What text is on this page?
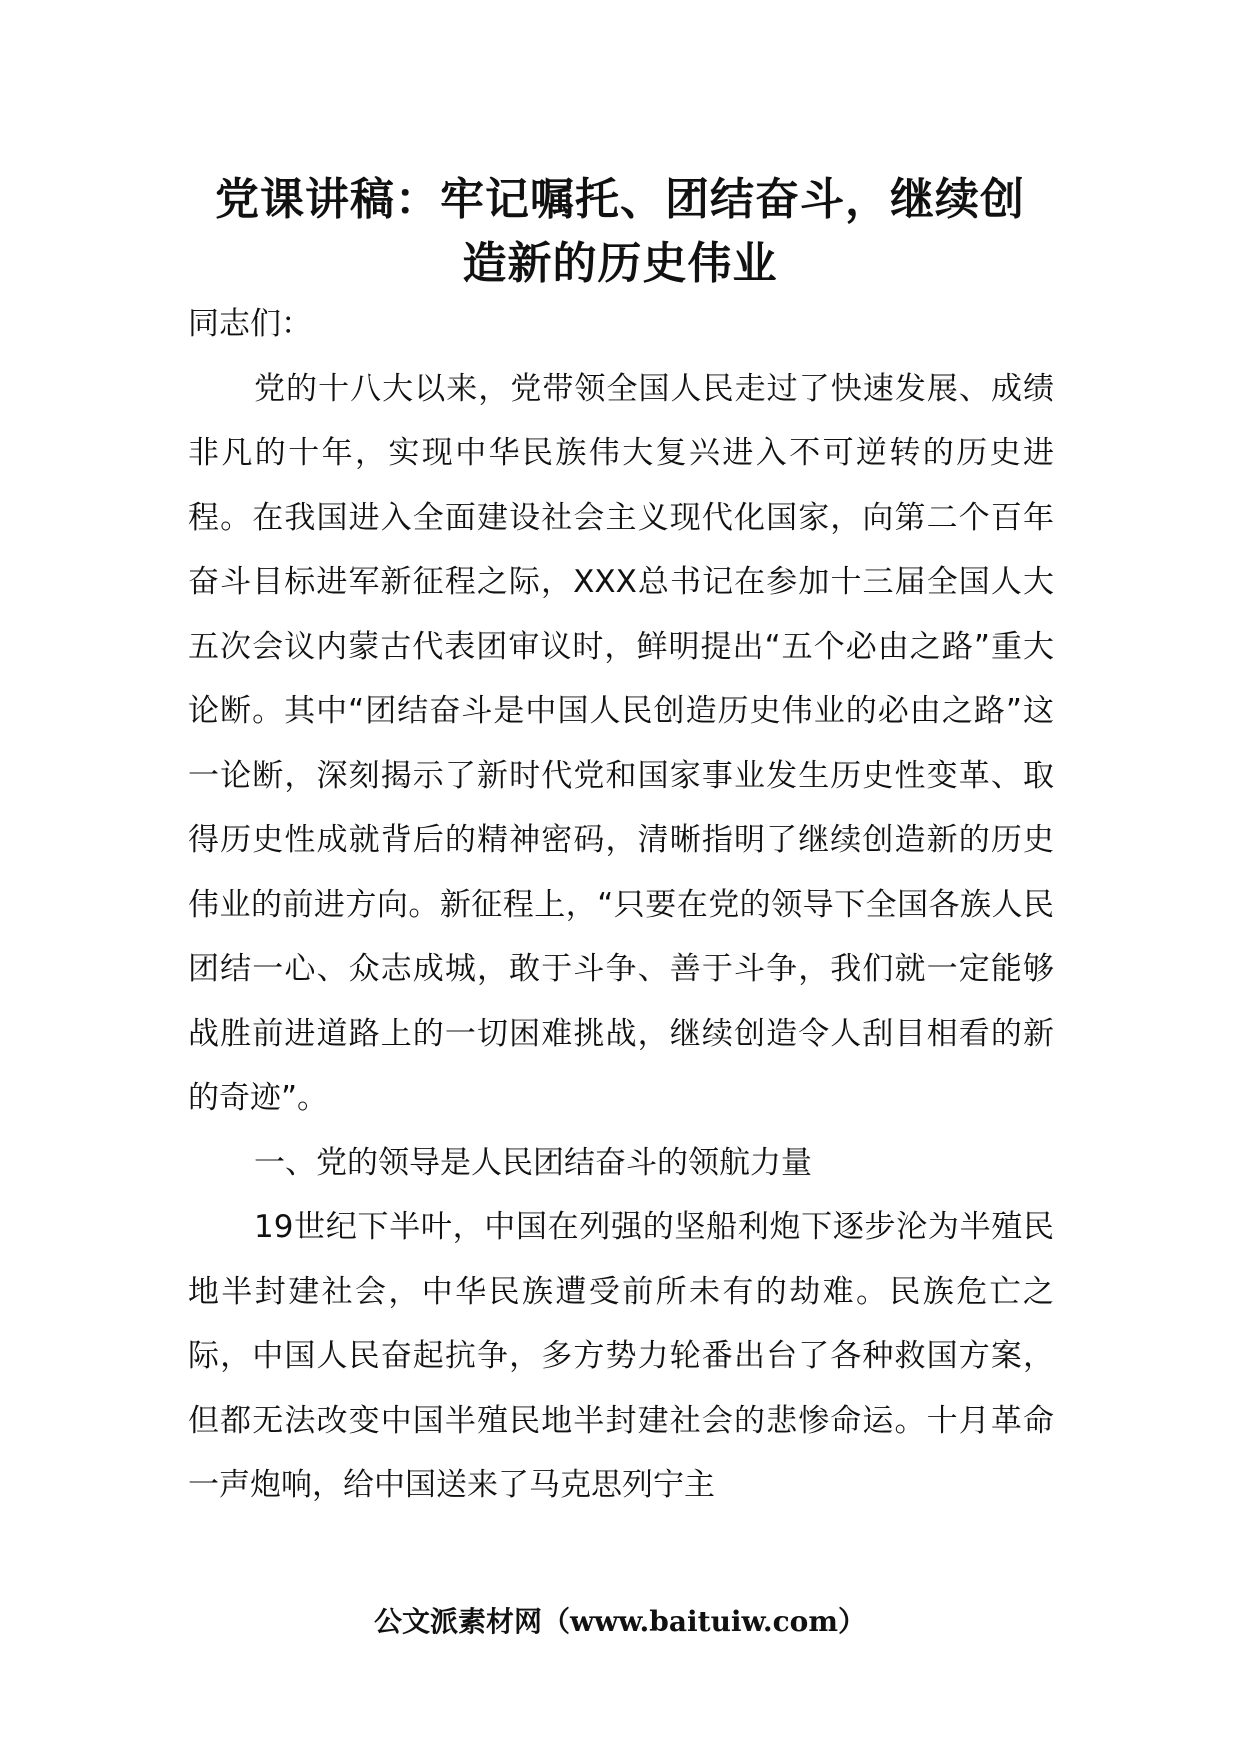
党课讲稿：牢记嘱托、团结奋斗，继续创
造新的历史伟业

同志们：

党的十八大以来，党带领全国人民走过了快速发展、成绩非凡的十年，实现中华民族伟大复兴进入不可逆转的历史进程。在我国进入全面建设社会主义现代化国家，向第二个百年奋斗目标进军新征程之际，XXX总书记在参加十三届全国人大五次会议内蒙古代表团审议时，鲜明提出“五个必由之路”重大论断。其中“团结奋斗是中国人民创造历史伟业的必由之路”这一论断，深刻揭示了新时代党和国家事业发生历史性变革、取得历史性成就背后的精神密码，清晰指明了继续创造新的历史伟业的前进方向。新征程上，“只要在党的领导下全国各族人民团结一心、众志成城，敢于斗争、善于斗争，我们就一定能够战胜前进道路上的一切困难挑战，继续创造令人刮目相看的新的奇迹”。

一、党的领导是人民团结奋斗的领航力量

19世纪下半叶，中国在列强的坚船利炮下逐步沦为半殖民地半封建社会，中华民族遭受前所未有的劫难。民族危亡之际，中国人民奋起抗争，多方势力轮番出台了各种救国方案，但都无法改变中国半殖民地半封建社会的悲惨命运。十月革命一声炮响，给中国送来了马克思列宁主

公文派素材网（www.baituiw.com）
